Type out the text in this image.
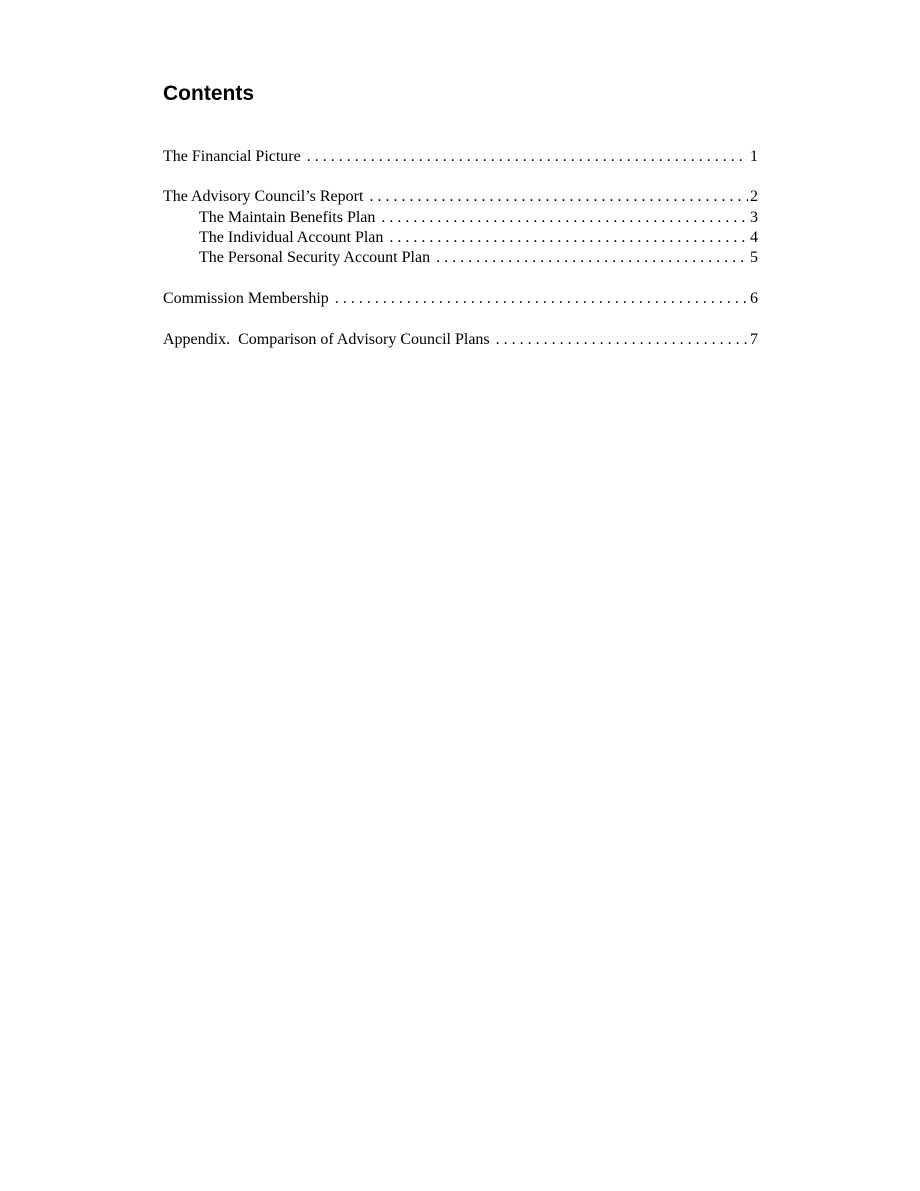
Contents
The Financial Picture . . .	1
The Advisory Council’s Report . . .	2
The Maintain Benefits Plan . . .	3
The Individual Account Plan . . .	4
The Personal Security Account Plan . . .	5
Commission Membership . . .	6
Appendix.  Comparison of Advisory Council Plans . . .	7
